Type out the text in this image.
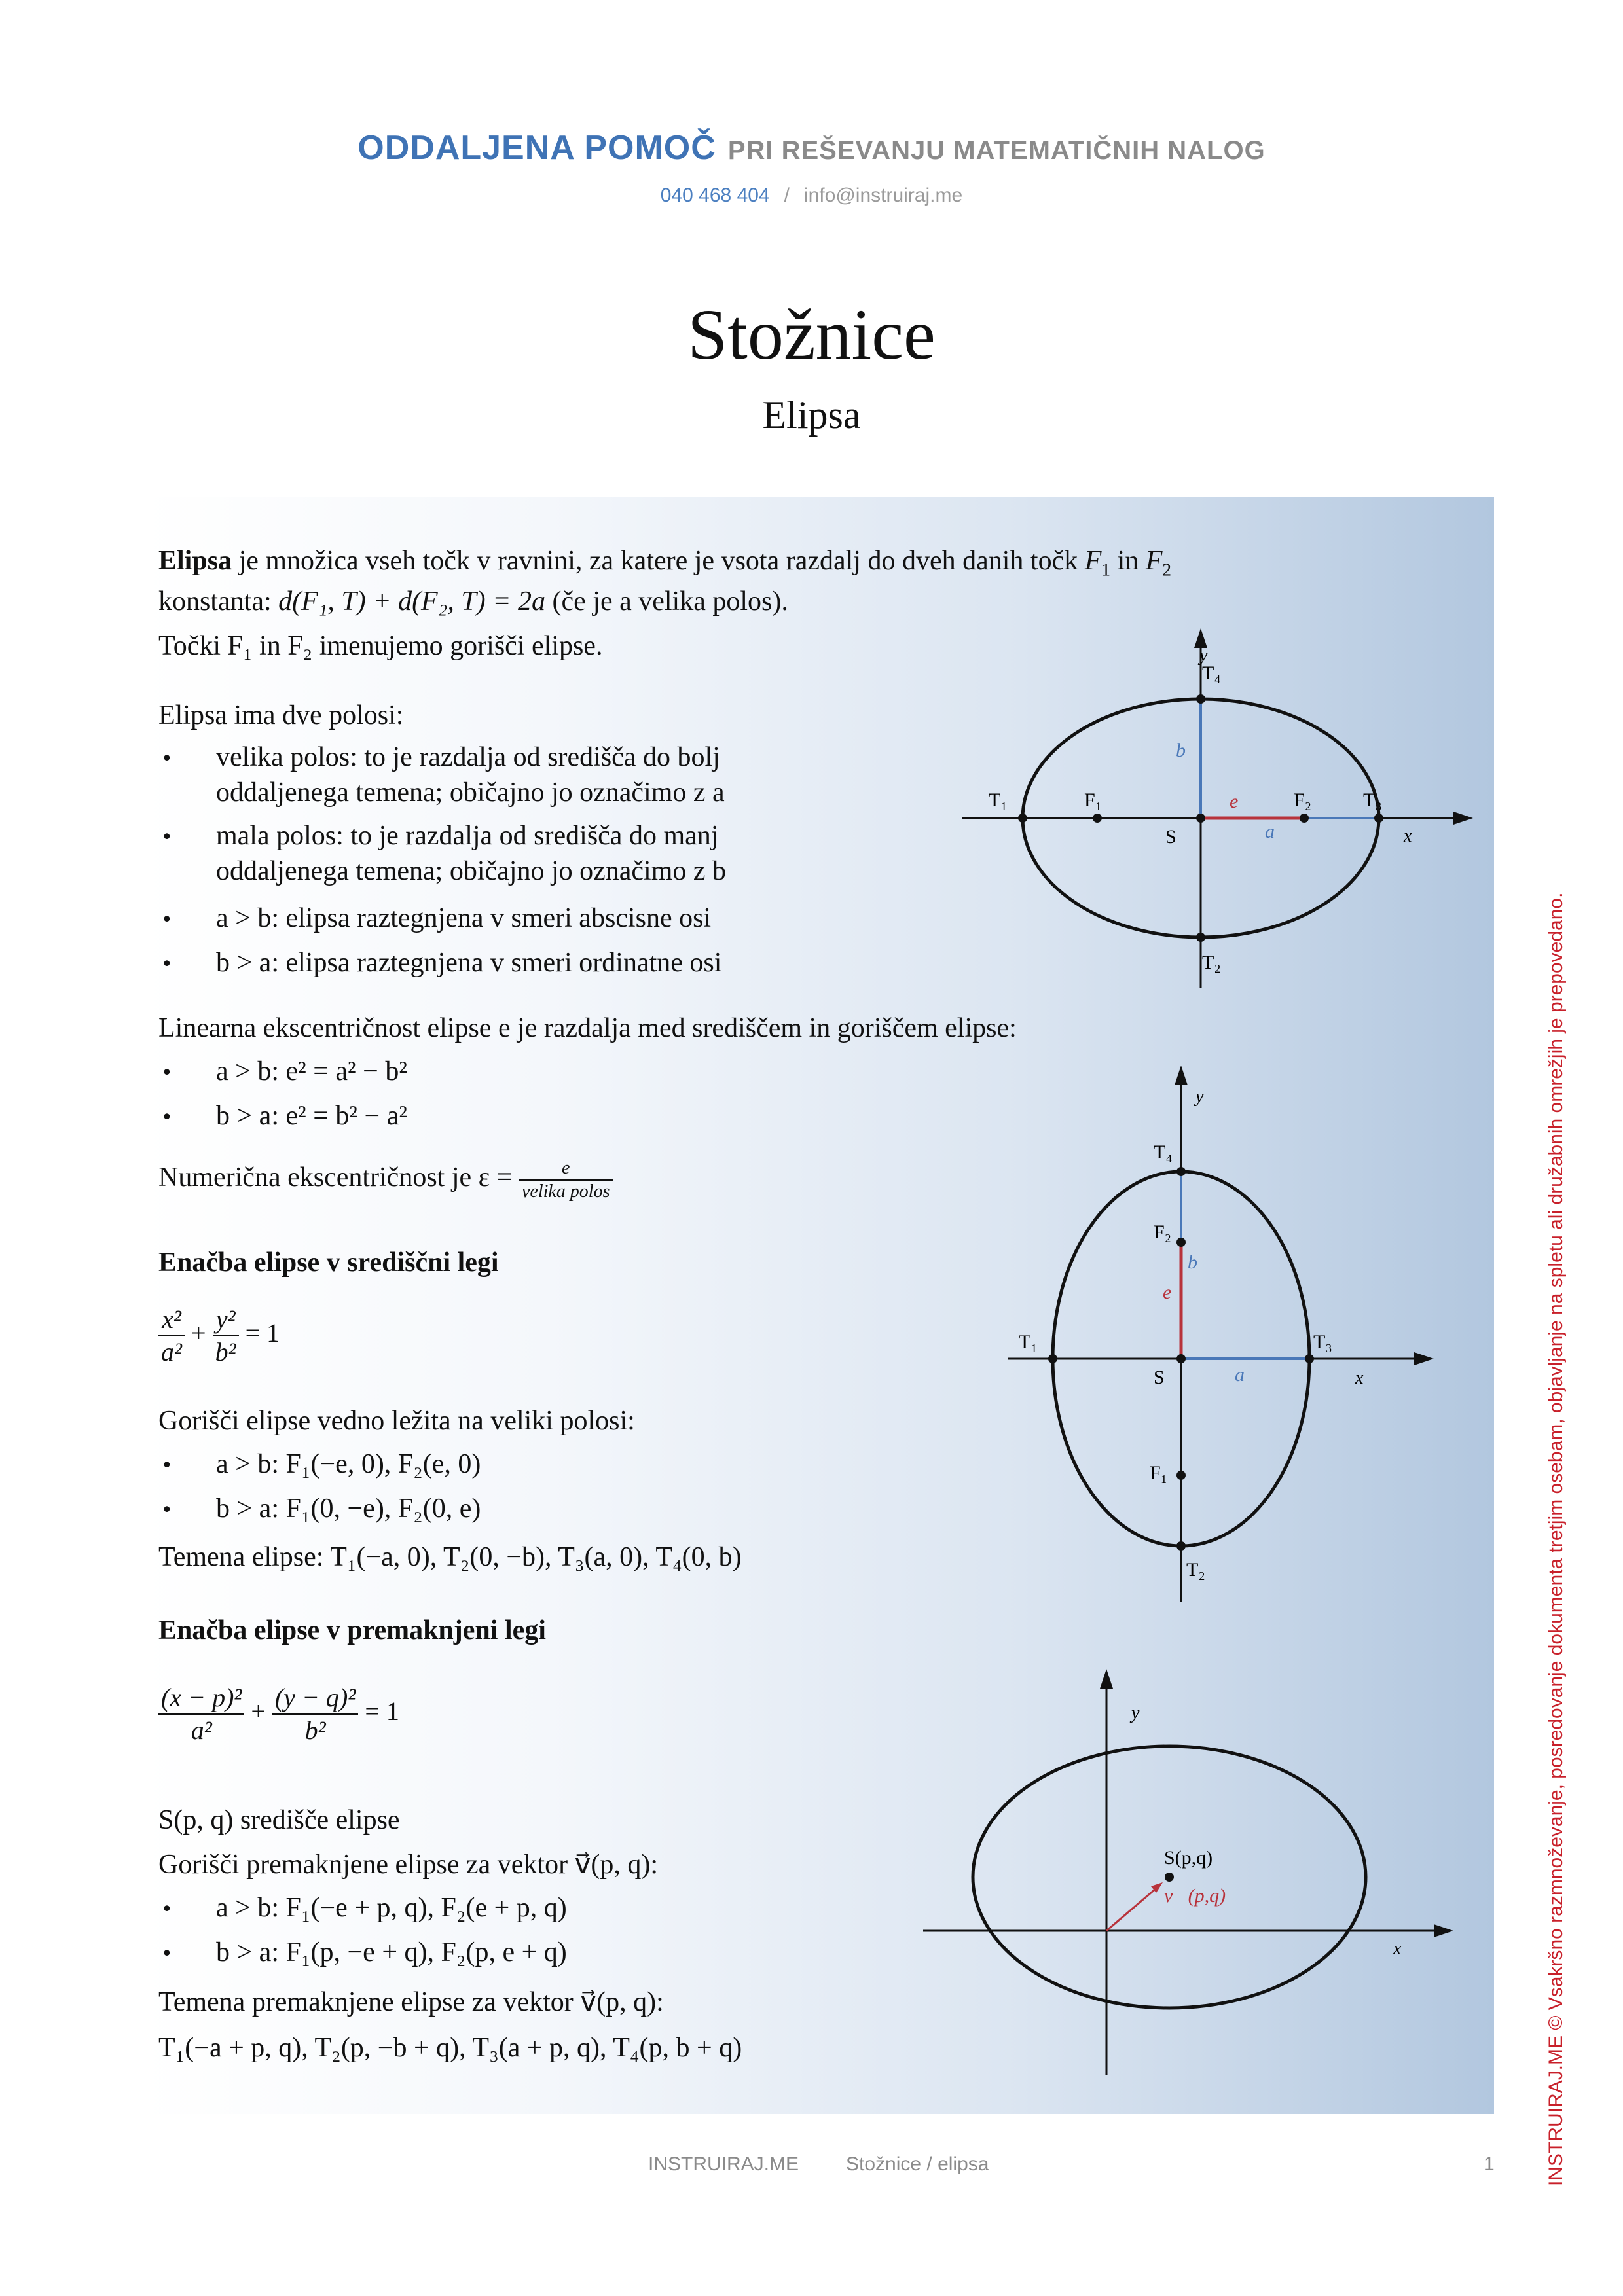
ODDALJENA POMOČ PRI REŠEVANJU MATEMATIČNIH NALOG
040 468 404 / info@instruiraj.me
Stožnice
Elipsa
Elipsa je množica vseh točk v ravnini, za katere je vsota razdalj do dveh danih točk $F_1$ in $F_2$
konstanta: d(F₁, T) + d(F₂, T) = 2a (če je a velika polos).
Točki F₁ in F₂ imenujemo gorišči elipse.
Elipsa ima dve polosi:
• velika polos: to je razdalja od središča do bolj
oddaljenega temena; običajno jo označimo z a
• mala polos: to je razdalja od središča do manj
oddaljenega temena; običajno jo označimo z b
• a > b: elipsa raztegnjena v smeri abscisne osi
• b > a: elipsa raztegnjena v smeri ordinatne osi
Linearna ekscentričnost elipse e je razdalja med središčem in goriščem elipse:
• a > b: e² = a² − b²
• b > a: e² = b² − a²
Numerična ekscentričnost je $\varepsilon = \frac{e}{\text{velika polos}}$
Enačba elipse v središčni legi
$\frac{\text{x²}}{\text{a²}} + \frac{\text{y²}}{\text{b²}} = 1$
Gorišči elipse vedno ležita na veliki polosi:
• a > b: F₁(−e, 0), F₂(e, 0)
• b > a: F₁(0, −e), F₂(0, e)
Temena elipse: T₁(−a, 0), T₂(0, −b), T₃(a, 0), T₄(0, b)
Enačba elipse v premaknjeni legi
$\frac{\text{(x − p)²}}{\text{a²}} + \frac{\text{(y − q)²}}{\text{b²}} = 1$
S(p, q) središče elipse
Gorišči premaknjene elipse za vektor v⃗(p, q):
• a > b: F₁(−e + p, q), F₂(e + p, q)
• b > a: F₁(p, −e + q), F₂(p, e + q)
Temena premaknjene elipse za vektor v⃗(p, q):
T₁(−a + p, q), T₂(p, −b + q), T₃(a + p, q), T₄(p, b + q)
y
x
T₄
T₂
T₁	T₃
F₁	F₂
S
b
e
a
y
x
T₄
T₂
T₁	T₃
F₂
F₁
S
b
e
a
y
x
S(p,q)
v⃗(p,q)
INSTRUIRAJ.ME Stožnice / elipsa	1	INSTRUIRAJ.ME © Vsakršno razmnoževanje, posredovanje dokumenta tretjim osebam, objavljanje na spletu ali družabnih omrežjih je prepovedano.
